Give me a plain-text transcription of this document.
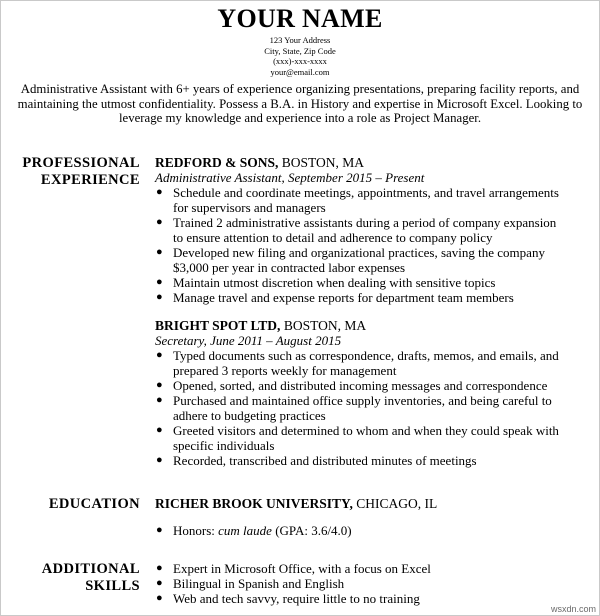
YOUR NAME
123 Your Address
City, State, Zip Code
(xxx)-xxx-xxxx
your@email.com
Administrative Assistant with 6+ years of experience organizing presentations, preparing facility reports, and maintaining the utmost confidentiality. Possess a B.A. in History and expertise in Microsoft Excel. Looking to leverage my knowledge and experience into a role as Project Manager.
PROFESSIONAL
EXPERIENCE
REDFORD & SONS, BOSTON, MA
Administrative Assistant, September 2015 – Present
● Schedule and coordinate meetings, appointments, and travel arrangements for supervisors and managers
● Trained 2 administrative assistants during a period of company expansion to ensure attention to detail and adherence to company policy
● Developed new filing and organizational practices, saving the company $3,000 per year in contracted labor expenses
● Maintain utmost discretion when dealing with sensitive topics
● Manage travel and expense reports for department team members
BRIGHT SPOT LTD, BOSTON, MA
Secretary, June 2011 – August 2015
● Typed documents such as correspondence, drafts, memos, and emails, and prepared 3 reports weekly for management
● Opened, sorted, and distributed incoming messages and correspondence
● Purchased and maintained office supply inventories, and being careful to adhere to budgeting practices
● Greeted visitors and determined to whom and when they could speak with specific individuals
● Recorded, transcribed and distributed minutes of meetings
EDUCATION RICHER BROOK UNIVERSITY, CHICAGO, IL
● Honors: cum laude (GPA: 3.6/4.0)
ADDITIONAL
SKILLS
● Expert in Microsoft Office, with a focus on Excel
● Bilingual in Spanish and English
● Web and tech savvy, require little to no training
wsxdn.com
